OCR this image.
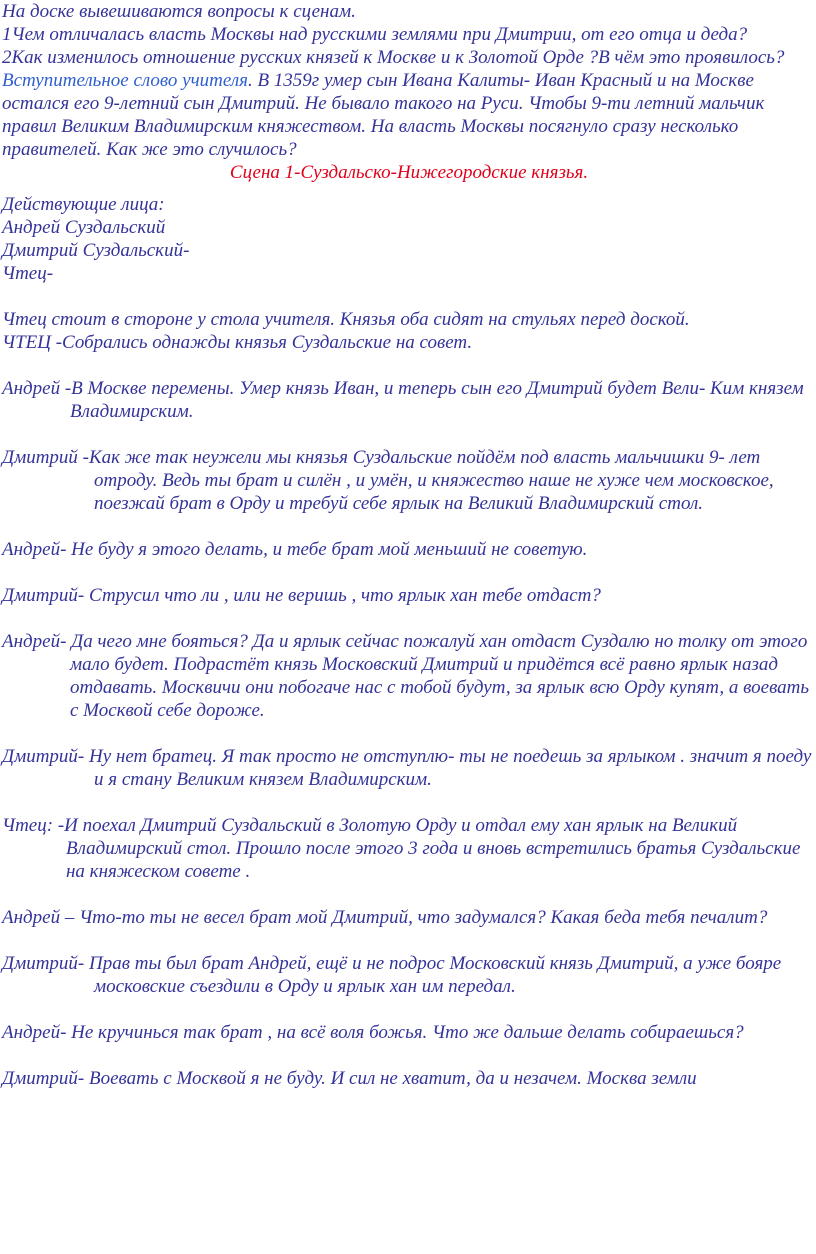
На доске вывешиваются вопросы к сценам.

1Чем отличалась власть Москвы над русскими землями при Дмитрии, от его отца и деда?

2Как изменилось отношение русских князей к Москве и к Золотой Орде ?В чём это проявилось?

Вступительное слово учителя. В 1359г умер сын Ивана Калиты- Иван Красный и на Москве остался его 9-летний сын Дмитрий. Не бывало такого на Руси. Чтобы 9-ти летний мальчик правил Великим Владимирским княжеством. На власть Москвы посягнуло сразу несколько правителей. Как же это случилось?

Сцена 1-Суздальско-Нижегородские князья.

Действующие лица:

Андрей Суздальский

Дмитрий Суздальский-

Чтец-

Чтец стоит в стороне у стола учителя. Князья оба сидят на стульях перед доской.

ЧТЕЦ -Собрались однажды князья Суздальские на совет.

Андрей -В Москве перемены. Умер князь Иван, и теперь сын его Дмитрий будет Вели- Ким князем Владимирским.

Дмитрий -Как же так неужели мы князья Суздальские пойдём под власть мальчишки 9- лет отроду. Ведь ты брат и силён , и умён, и княжество наше не хуже чем московское, поезжай брат в Орду и требуй себе ярлык на Великий Владимирский стол.

Андрей- Не буду я этого делать, и тебе брат мой меньший не советую.

Дмитрий- Струсил что ли , или не веришь , что ярлык хан тебе отдаст?

Андрей- Да чего мне бояться? Да и ярлык сейчас пожалуй хан отдаст Суздалю но толку от этого мало будет. Подрастёт князь Московский Дмитрий и придётся всё равно ярлык назад отдавать. Москвичи они побогаче нас с тобой будут, за ярлык всю Орду купят, а воевать с Москвой себе дороже.

Дмитрий- Ну нет братец. Я так просто не отступлю- ты не поедешь за ярлыком . значит я поеду и я стану Великим князем Владимирским.

Чтец: -И поехал Дмитрий Суздальский в Золотую Орду и отдал ему хан ярлык на Великий Владимирский стол. Прошло после этого 3 года и вновь встретились братья Суздальские на княжеском совете .

Андрей – Что-то ты не весел брат мой Дмитрий, что задумался? Какая беда тебя печалит?

Дмитрий- Прав ты был брат Андрей, ещё и не подрос Московский князь Дмитрий, а уже бояре московские съездили в Орду и ярлык хан им передал.

Андрей- Не кручинься так брат , на всё воля божья. Что же дальше делать собираешься?

Дмитрий- Воевать с Москвой я не буду. И сил не хватит, да и незачем. Москва земли
